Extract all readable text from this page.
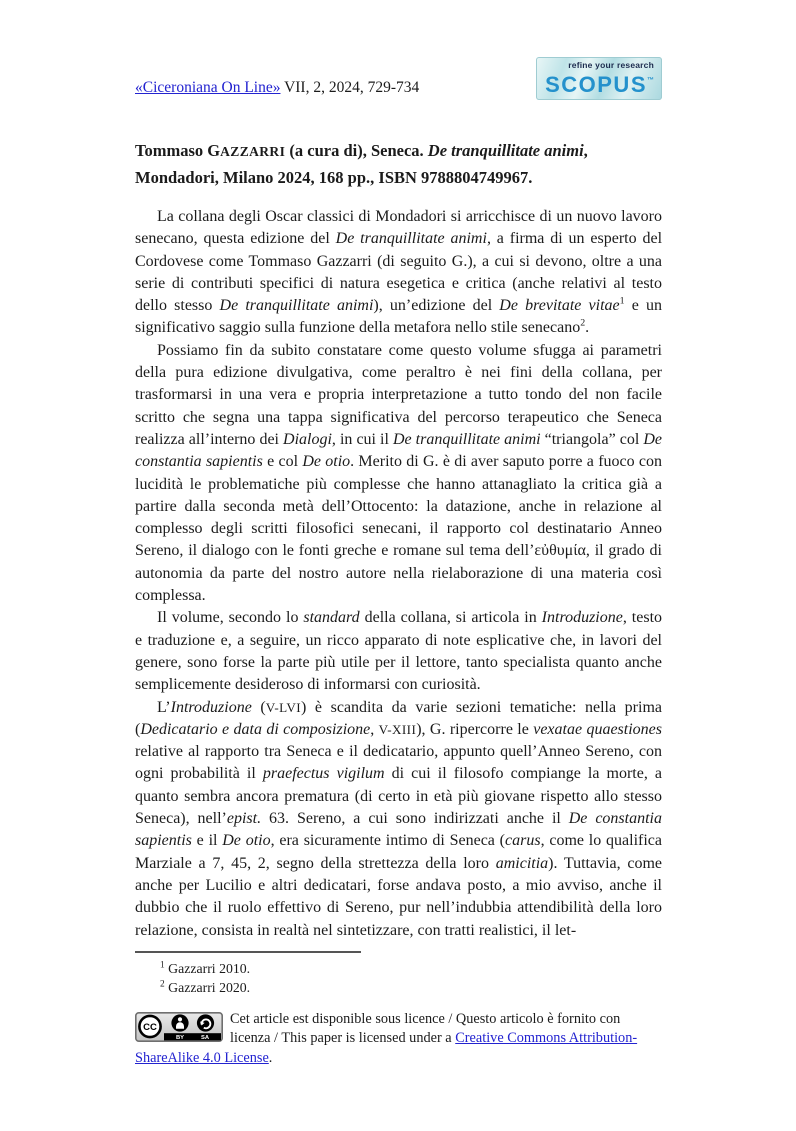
«Ciceroniana On Line» VII, 2, 2024, 729-734
refine your research
SCOPUS™
Tommaso GAZZARRI (a cura di), Seneca. De tranquillitate animi, Mondadori, Milano 2024, 168 pp., ISBN 9788804749967.

La collana degli Oscar classici di Mondadori si arricchisce di un nuovo lavoro senecano, questa edizione del De tranquillitate animi, a firma di un esperto del Cordovese come Tommaso Gazzarri (di seguito G.), a cui si devono, oltre a una serie di contributi specifici di natura esegetica e critica (anche relativi al testo dello stesso De tranquillitate animi), un’edizione del De brevitate vitae$^1$ e un significativo saggio sulla funzione della metafora nello stile senecano$^2$.

Possiamo fin da subito constatare come questo volume sfugga ai parametri della pura edizione divulgativa, come peraltro è nei fini della collana, per trasformarsi in una vera e propria interpretazione a tutto tondo del non facile scritto che segna una tappa significativa del percorso terapeutico che Seneca realizza all’interno dei Dialogi, in cui il De tranquillitate animi “triangola” col De constantia sapientis e col De otio. Merito di G. è di aver saputo porre a fuoco con lucidità le problematiche più complesse che hanno attanagliato la critica già a partire dalla seconda metà dell’Ottocento: la datazione, anche in relazione al complesso degli scritti filosofici senecani, il rapporto col destinatario Anneo Sereno, il dialogo con le fonti greche e romane sul tema dell’εὐθυμία, il grado di autonomia da parte del nostro autore nella rielaborazione di una materia così complessa.

Il volume, secondo lo standard della collana, si articola in Introduzione, testo e traduzione e, a seguire, un ricco apparato di note esplicative che, in lavori del genere, sono forse la parte più utile per il lettore, tanto specialista quanto anche semplicemente desideroso di informarsi con curiosità.

L’Introduzione (V-LVI) è scandita da varie sezioni tematiche: nella prima (Dedicatario e data di composizione, V-XIII), G. ripercorre le vexatae quaestiones relative al rapporto tra Seneca e il dedicatario, appunto quell’Anneo Sereno, con ogni probabilità il praefectus vigilum di cui il filosofo compiange la morte, a quanto sembra ancora prematura (di certo in età più giovane rispetto allo stesso Seneca), nell’epist. 63. Sereno, a cui sono indirizzati anche il De constantia sapientis e il De otio, era sicuramente intimo di Seneca (carus, come lo qualifica Marziale a 7, 45, 2, segno della strettezza della loro amicitia). Tuttavia, come anche per Lucilio e altri dedicatari, forse andava posto, a mio avviso, anche il dubbio che il ruolo effettivo di Sereno, pur nell’indubbia attendibilità della loro relazione, consista in realtà nel sintetizzare, con tratti realistici, il let-

$^1$ Gazzarri 2010.

$^2$ Gazzarri 2020.

CC
BY	SA
Cet article est disponible sous licence / Questo articolo è fornito con licenza / This paper is licensed under a Creative Commons Attribution-ShareAlike 4.0 License.
